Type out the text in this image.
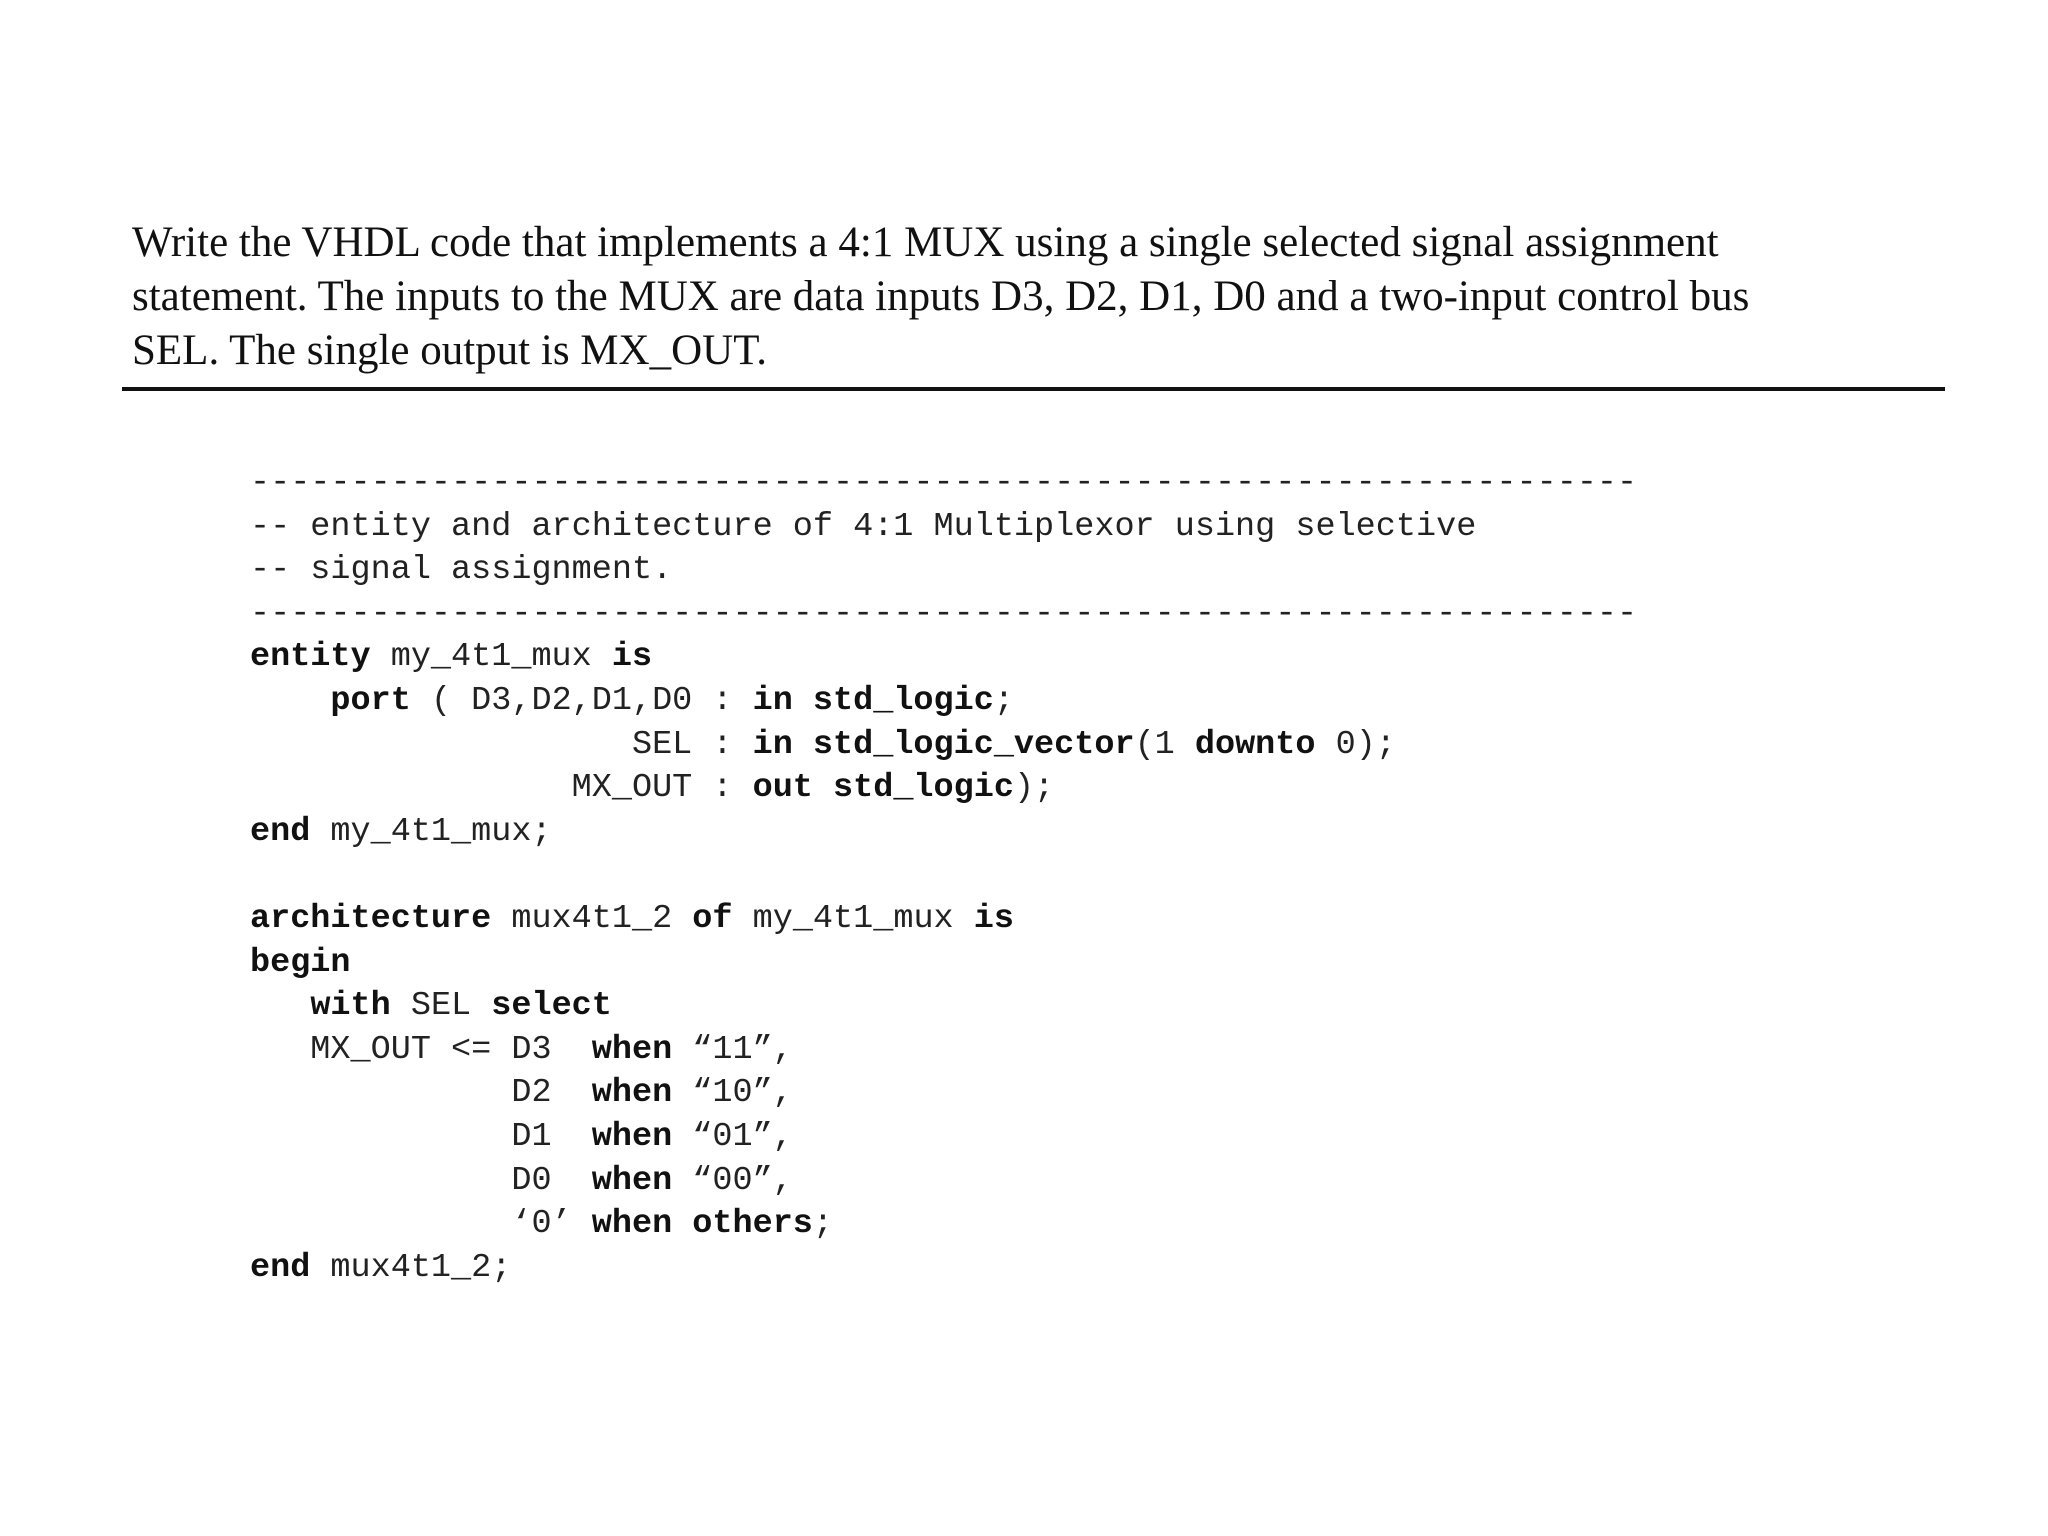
Write the VHDL code that implements a 4:1 MUX using a single selected signal assignment
statement. The inputs to the MUX are data inputs D3, D2, D1, D0 and a two-input control bus
SEL. The single output is MX_OUT.
---------------------------------------------------------------------
-- entity and architecture of 4:1 Multiplexor using selective
-- signal assignment.
---------------------------------------------------------------------
entity my_4t1_mux is
port ( D3,D2,D1,D0 : in std_logic;
SEL : in std_logic_vector(1 downto 0);
MX_OUT : out std_logic);
end my_4t1_mux;
architecture mux4t1_2 of my_4t1_mux is
begin
with SEL select
MX_OUT <= D3  when “11”,
D2  when “10”,
D1  when “01”,
D0  when “00”,
‘0’ when others;
end mux4t1_2;
